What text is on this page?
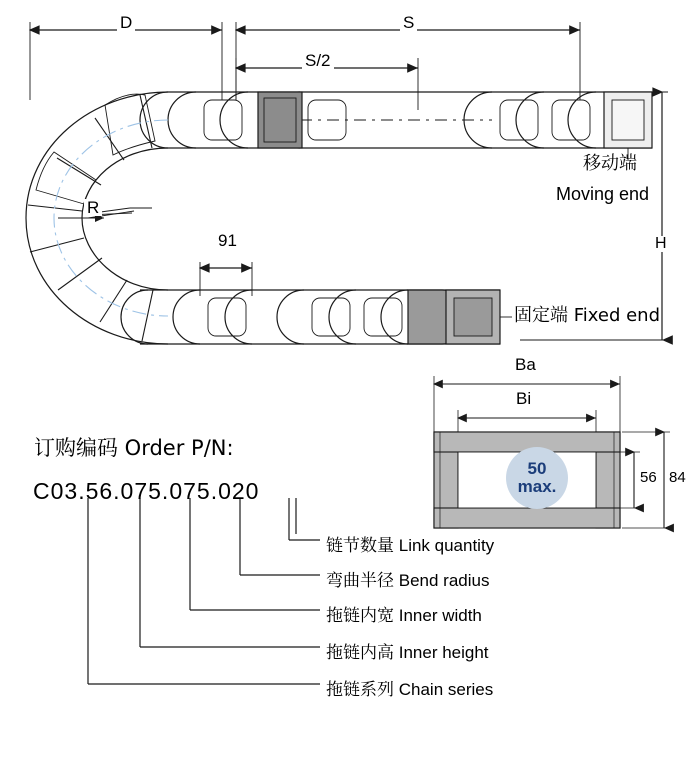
D	S
S/2
R
91	H
移动端
Moving end
固定端 Fixed end
Ba
Bi
84
56
50
max.
订购编码 Order P/N:
C03.56.075.075.020
链节数量 Link quantity
弯曲半径 Bend radius
拖链内宽 Inner width
拖链内高 Inner height
拖链系列 Chain series
